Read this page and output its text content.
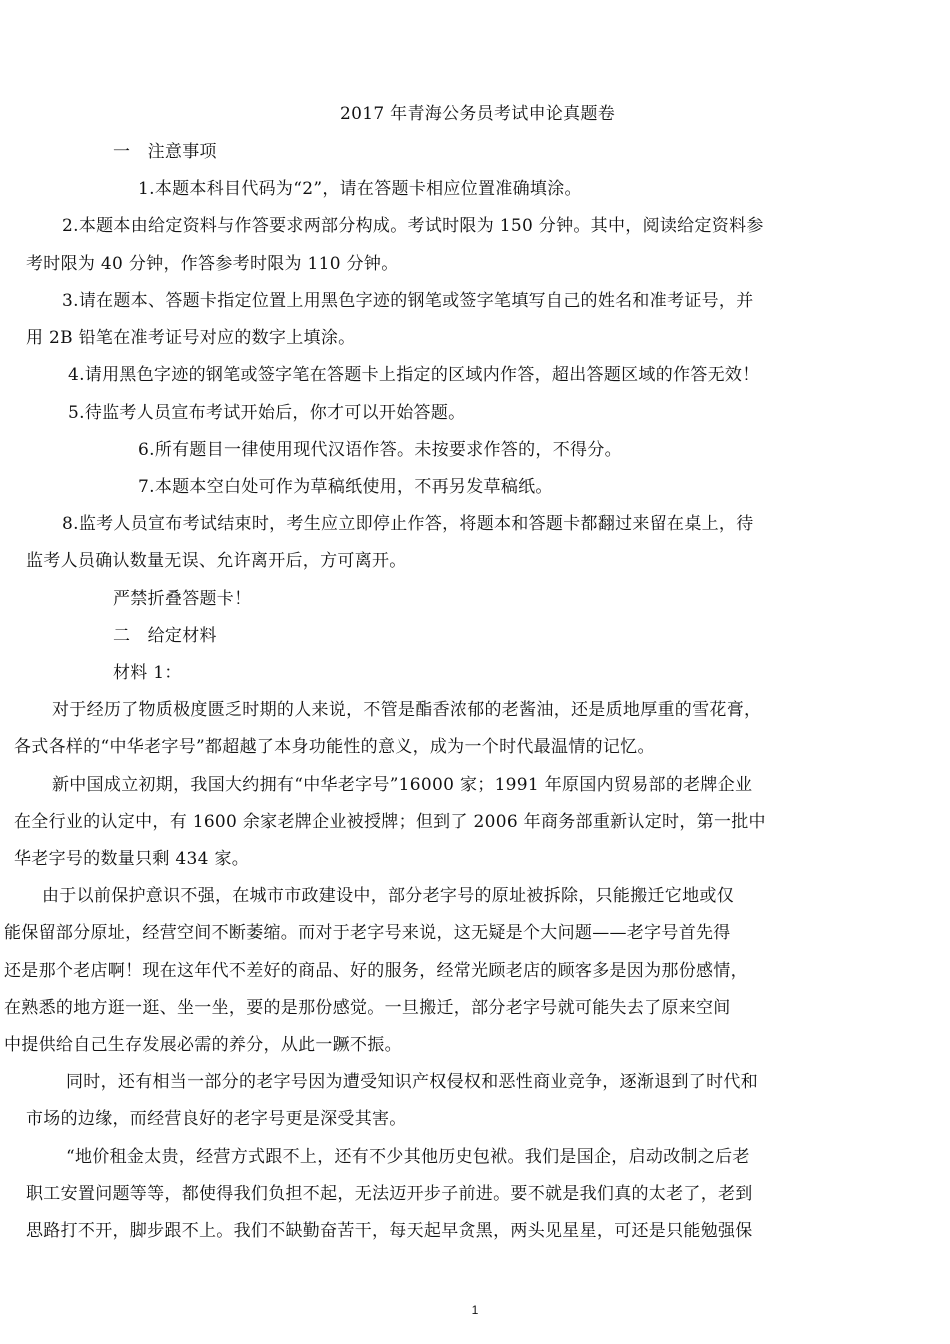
2017 年青海公务员考试申论真题卷
一　注意事项
1.本题本科目代码为“2”，请在答题卡相应位置准确填涂。
2.本题本由给定资料与作答要求两部分构成。考试时限为 150 分钟。其中，阅读给定资料参
考时限为 40 分钟，作答参考时限为 110 分钟。
3.请在题本、答题卡指定位置上用黑色字迹的钢笔或签字笔填写自己的姓名和准考证号，并
用 2B 铅笔在准考证号对应的数字上填涂。
4.请用黑色字迹的钢笔或签字笔在答题卡上指定的区域内作答，超出答题区域的作答无效！
5.待监考人员宣布考试开始后，你才可以开始答题。
6.所有题目一律使用现代汉语作答。未按要求作答的，不得分。
7.本题本空白处可作为草稿纸使用，不再另发草稿纸。
8.监考人员宣布考试结束时，考生应立即停止作答，将题本和答题卡都翻过来留在桌上，待
监考人员确认数量无误、允许离开后，方可离开。
严禁折叠答题卡！
二　给定材料
材料 1：
对于经历了物质极度匮乏时期的人来说，不管是酯香浓郁的老酱油，还是质地厚重的雪花膏，
各式各样的“中华老字号”都超越了本身功能性的意义，成为一个时代最温情的记忆。
新中国成立初期，我国大约拥有“中华老字号”16000 家；1991 年原国内贸易部的老牌企业
在全行业的认定中，有 1600 余家老牌企业被授牌；但到了 2006 年商务部重新认定时，第一批中
华老字号的数量只剩 434 家。
由于以前保护意识不强，在城市市政建设中，部分老字号的原址被拆除，只能搬迁它地或仅
能保留部分原址，经营空间不断萎缩。而对于老字号来说，这无疑是个大问题——老字号首先得
还是那个老店啊！现在这年代不差好的商品、好的服务，经常光顾老店的顾客多是因为那份感情，
在熟悉的地方逛一逛、坐一坐，要的是那份感觉。一旦搬迁，部分老字号就可能失去了原来空间
中提供给自己生存发展必需的养分，从此一蹶不振。
同时，还有相当一部分的老字号因为遭受知识产权侵权和恶性商业竞争，逐渐退到了时代和
市场的边缘，而经营良好的老字号更是深受其害。
“地价租金太贵，经营方式跟不上，还有不少其他历史包袱。我们是国企，启动改制之后老
职工安置问题等等，都使得我们负担不起，无法迈开步子前进。要不就是我们真的太老了，老到
思路打不开，脚步跟不上。我们不缺勤奋苦干，每天起早贪黑，两头见星星，可还是只能勉强保
1
